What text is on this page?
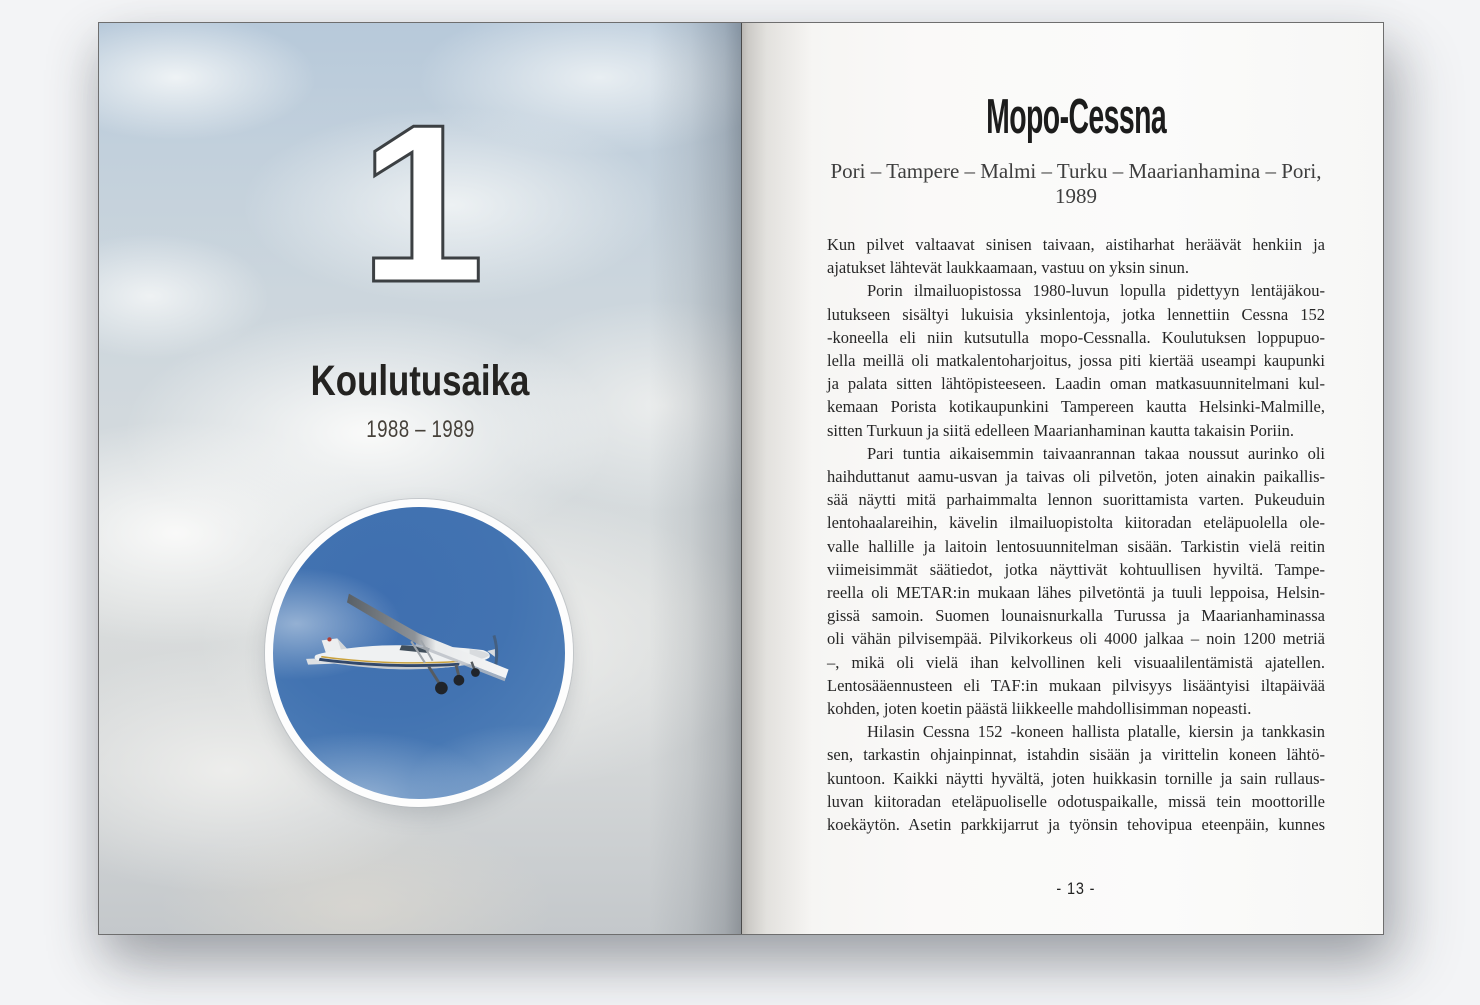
1
Koulutusaika
1988 – 1989
Mopo-Cessna
Pori – Tampere – Malmi – Turku – Maarianhamina – Pori, 1989
Kun pilvet valtaavat sinisen taivaan, aistiharhat heräävät henkiin ja
ajatukset lähtevät laukkaamaan, vastuu on yksin sinun.
Porin ilmailuopistossa 1980-luvun lopulla pidettyyn lentäjäkou-
lutukseen sisältyi lukuisia yksinlentoja, jotka lennettiin Cessna 152
-koneella eli niin kutsutulla mopo-Cessnalla. Koulutuksen loppupuo-
lella meillä oli matkalentoharjoitus, jossa piti kiertää useampi kaupunki
ja palata sitten lähtöpisteeseen. Laadin oman matkasuunnitelmani kul-
kemaan Porista kotikaupunkini Tampereen kautta Helsinki-Malmille,
sitten Turkuun ja siitä edelleen Maarianhaminan kautta takaisin Poriin.
Pari tuntia aikaisemmin taivaanrannan takaa noussut aurinko oli
haihduttanut aamu-usvan ja taivas oli pilvetön, joten ainakin paikallis-
sää näytti mitä parhaimmalta lennon suorittamista varten. Pukeuduin
lentohaalareihin, kävelin ilmailuopistolta kiitoradan eteläpuolella ole-
valle hallille ja laitoin lentosuunnitelman sisään. Tarkistin vielä reitin
viimeisimmät säätiedot, jotka näyttivät kohtuullisen hyviltä. Tampe-
reella oli METAR:in mukaan lähes pilvetöntä ja tuuli leppoisa, Helsin-
gissä samoin. Suomen lounaisnurkalla Turussa ja Maarianhaminassa
oli vähän pilvisempää. Pilvikorkeus oli 4000 jalkaa – noin 1200 metriä
–, mikä oli vielä ihan kelvollinen keli visuaalilentämistä ajatellen.
Lentosääennusteen eli TAF:in mukaan pilvisyys lisääntyisi iltapäivää
kohden, joten koetin päästä liikkeelle mahdollisimman nopeasti.
Hilasin Cessna 152 -koneen hallista platalle, kiersin ja tankkasin
sen, tarkastin ohjainpinnat, istahdin sisään ja virittelin koneen lähtö-
kuntoon. Kaikki näytti hyvältä, joten huikkasin tornille ja sain rullaus-
luvan kiitoradan eteläpuoliselle odotuspaikalle, missä tein moottorille
koekäytön. Asetin parkkijarrut ja työnsin tehovipua eteenpäin, kunnes
- 13 -
